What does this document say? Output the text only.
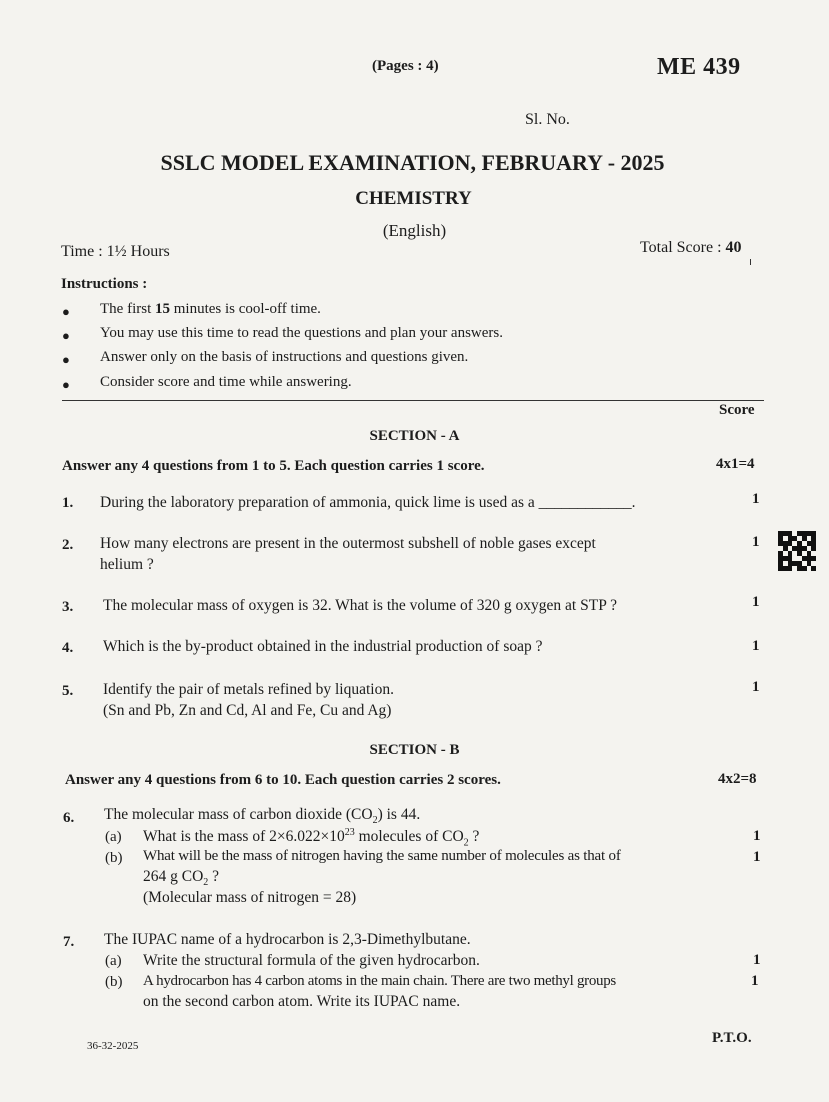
(Pages : 4)	ME 439
Sl. No.
SSLC MODEL EXAMINATION, FEBRUARY - 2025
CHEMISTRY
(English)
Time : 1½ Hours	Total Score : 40
Instructions :
● The first 15 minutes is cool-off time.
● You may use this time to read the questions and plan your answers.
● Answer only on the basis of instructions and questions given.
● Consider score and time while answering.
Score
SECTION - A
Answer any 4 questions from 1 to 5. Each question carries 1 score.	4x1=4
1. During the laboratory preparation of ammonia, quick lime is used as a ____________.	1
2. How many electrons are present in the outermost subshell of noble gases except
helium ?
1
3. The molecular mass of oxygen is 32. What is the volume of 320 g oxygen at STP ?	1
4. Which is the by-product obtained in the industrial production of soap ?	1
5. Identify the pair of metals refined by liquation.
(Sn and Pb, Zn and Cd, Al and Fe, Cu and Ag)
1
SECTION - B
Answer any 4 questions from 6 to 10. Each question carries 2 scores.	4x2=8
6. The molecular mass of carbon dioxide $(CO_2)$ is 44.
(a) What is the mass of $2\times 6.022\times 10^{23}$ molecules of $CO_2$ ?	1
(b) What will be the mass of nitrogen having the same number of molecules as that of	1
264 g $CO_2$ ?
(Molecular mass of nitrogen = 28)
7. The IUPAC name of a hydrocarbon is 2,3-Dimethylbutane.
(a) Write the structural formula of the given hydrocarbon.	1
(b) A hydrocarbon has 4 carbon atoms in the main chain. There are two methyl groups	1
on the second carbon atom. Write its IUPAC name.
36-32-2025	P.T.O.
